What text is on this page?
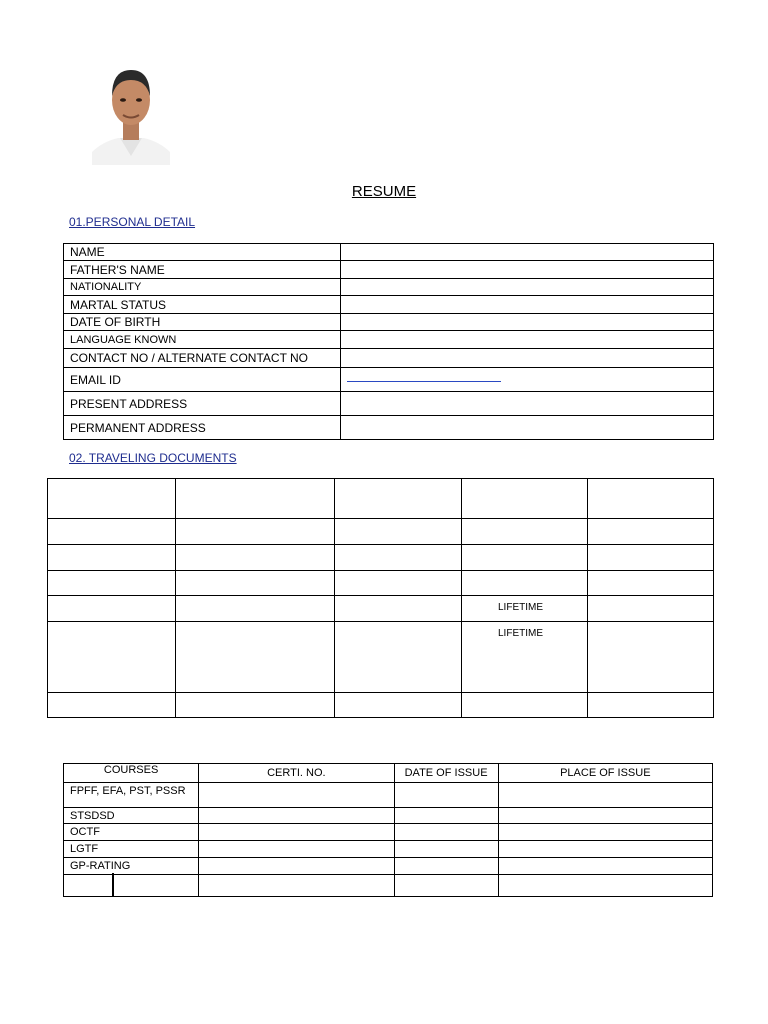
RESUME
01.PERSONAL DETAIL
NAME	
FATHER'S NAME	
NATIONALITY	
MARTAL STATUS	
DATE OF BIRTH	
LANGUAGE KNOWN	
CONTACT NO / ALTERNATE CONTACT NO	
EMAIL ID	

PRESENT ADDRESS	
PERMANENT ADDRESS	
02. TRAVELING DOCUMENTS

			LIFETIME	
			LIFETIME	

COURSES	CERTI. NO.	DATE OF ISSUE	PLACE OF ISSUE
FPFF, EFA, PST, PSSR			
STSDSD			
OCTF			
LGTF			
GP-RATING			
